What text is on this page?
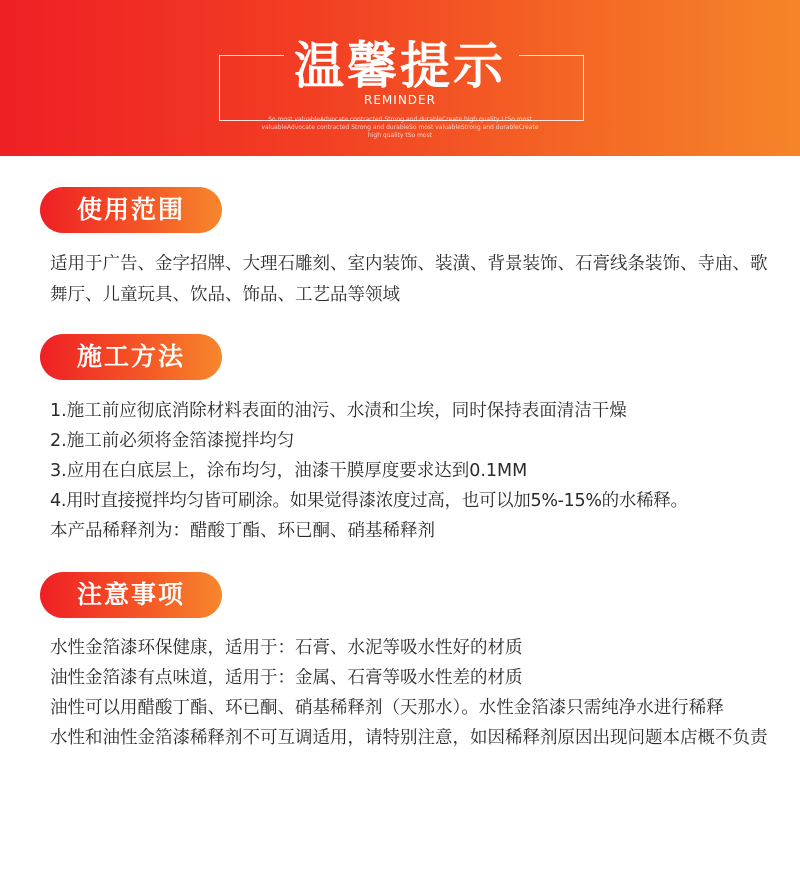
温馨提示
REMINDER
So most valuableAdvocate contracted Strong and durableCreate high quality I tSo most valuableAdvocate contracted Strong and durableSo most valuableStrong and durableCreate high quality tSo most
使用范围
适用于广告、金字招牌、大理石雕刻、室内装饰、装潢、背景装饰、石膏线条装饰、寺庙、歌舞厅、儿童玩具、饮品、饰品、工艺品等领域
施工方法
1.施工前应彻底消除材料表面的油污、水渍和尘埃，同时保持表面清洁干燥
2.施工前必须将金箔漆搅拌均匀
3.应用在白底层上，涂布均匀，油漆干膜厚度要求达到0.1MM
4.用时直接搅拌均匀皆可刷涂。如果觉得漆浓度过高，也可以加5%-15%的水稀释。
本产品稀释剂为：醋酸丁酯、环已酮、硝基稀释剂
注意事项
水性金箔漆环保健康，适用于：石膏、水泥等吸水性好的材质
油性金箔漆有点味道，适用于：金属、石膏等吸水性差的材质
油性可以用醋酸丁酯、环已酮、硝基稀释剂（天那水）。水性金箔漆只需纯净水进行稀释
水性和油性金箔漆稀释剂不可互调适用，请特别注意，如因稀释剂原因出现问题本店概不负责
